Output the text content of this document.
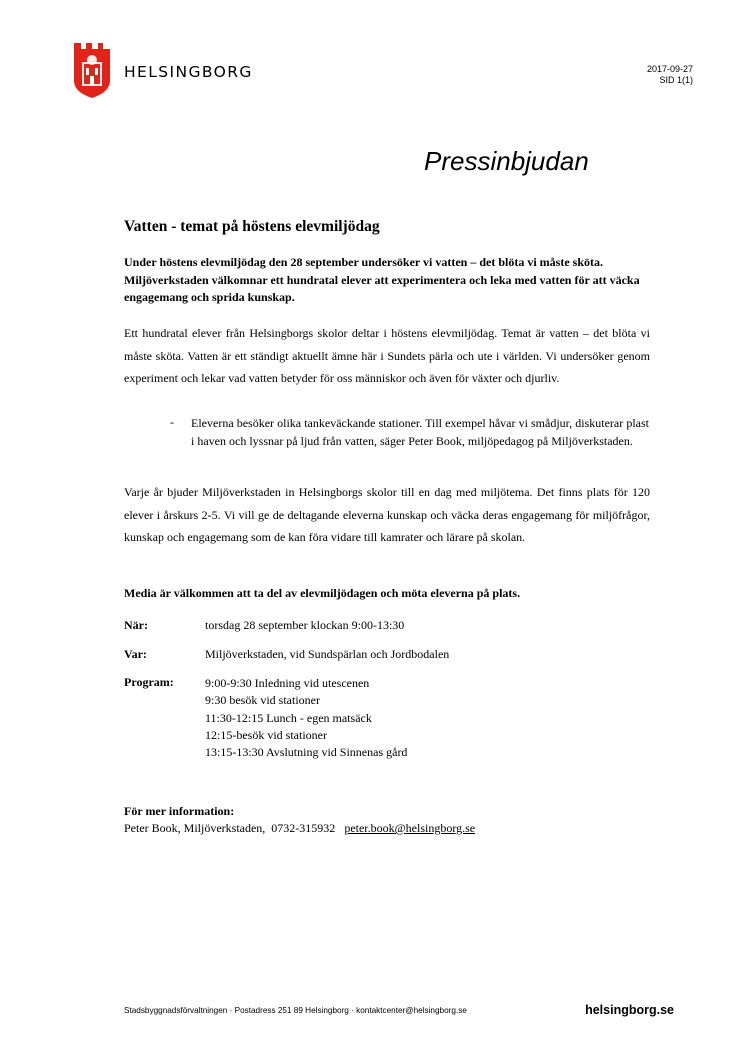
HELSINGBORG	2017-09-27
SID 1(1)
Pressinbjudan
Vatten - temat på höstens elevmiljödag
Under höstens elevmiljödag den 28 september undersöker vi vatten – det blöta vi måste sköta. Miljöverkstaden välkomnar ett hundratal elever att experimentera och leka med vatten för att väcka engagemang och sprida kunskap.
Ett hundratal elever från Helsingborgs skolor deltar i höstens elevmiljödag. Temat är vatten – det blöta vi måste sköta. Vatten är ett ständigt aktuellt ämne här i Sundets pärla och ute i världen. Vi undersöker genom experiment och lekar vad vatten betyder för oss människor och även för växter och djurliv.
- Eleverna besöker olika tankeväckande stationer. Till exempel håvar vi smådjur, diskuterar plast i haven och lyssnar på ljud från vatten, säger Peter Book, miljöpedagog på Miljöverkstaden.
Varje år bjuder Miljöverkstaden in Helsingborgs skolor till en dag med miljötema. Det finns plats för 120 elever i årskurs 2-5. Vi vill ge de deltagande eleverna kunskap och väcka deras engagemang för miljöfrågor, kunskap och engagemang som de kan föra vidare till kamrater och lärare på skolan.
Media är välkommen att ta del av elevmiljödagen och möta eleverna på plats.
När:	torsdag 28 september klockan 9:00-13:30
Var:	Miljöverkstaden, vid Sundspärlan och Jordbodalen
Program:	9:00-9:30 Inledning vid utescenen
9:30 besök vid stationer
11:30-12:15 Lunch - egen matsäck
12:15-besök vid stationer
13:15-13:30 Avslutning vid Sinnenas gård
För mer information:
Peter Book, Miljöverkstaden,  0732-315932 peter.book@helsingborg.se
Stadsbyggnadsförvaltningen · Postadress 251 89 Helsingborg · kontaktcenter@helsingborg.se	helsingborg.se
